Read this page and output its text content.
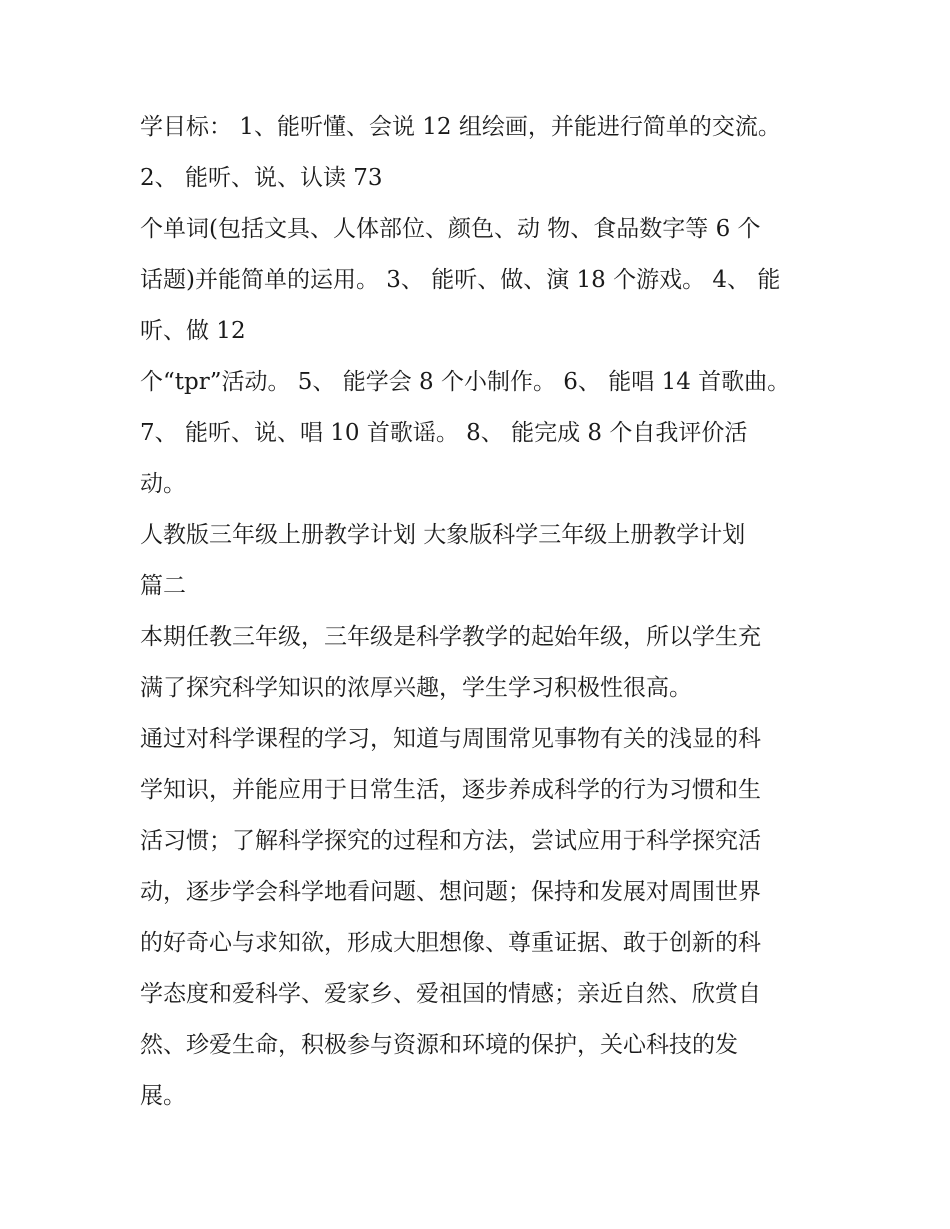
学目标： 1、能听懂、会说 12 组绘画，并能进行简单的交流。
2、 能听、说、认读 73
个单词(包括文具、人体部位、颜色、动 物、食品数字等 6 个
话题)并能简单的运用。 3、 能听、做、演 18 个游戏。 4、 能
听、做 12
个“tpr”活动。 5、 能学会 8 个小制作。 6、 能唱 14 首歌曲。
7、 能听、说、唱 10 首歌谣。 8、 能完成 8 个自我评价活
动。
人教版三年级上册教学计划 大象版科学三年级上册教学计划
篇二
本期任教三年级，三年级是科学教学的起始年级，所以学生充
满了探究科学知识的浓厚兴趣，学生学习积极性很高。
通过对科学课程的学习，知道与周围常见事物有关的浅显的科
学知识，并能应用于日常生活，逐步养成科学的行为习惯和生
活习惯；了解科学探究的过程和方法，尝试应用于科学探究活
动，逐步学会科学地看问题、想问题；保持和发展对周围世界
的好奇心与求知欲，形成大胆想像、尊重证据、敢于创新的科
学态度和爱科学、爱家乡、爱祖国的情感；亲近自然、欣赏自
然、珍爱生命，积极参与资源和环境的保护，关心科技的发
展。
